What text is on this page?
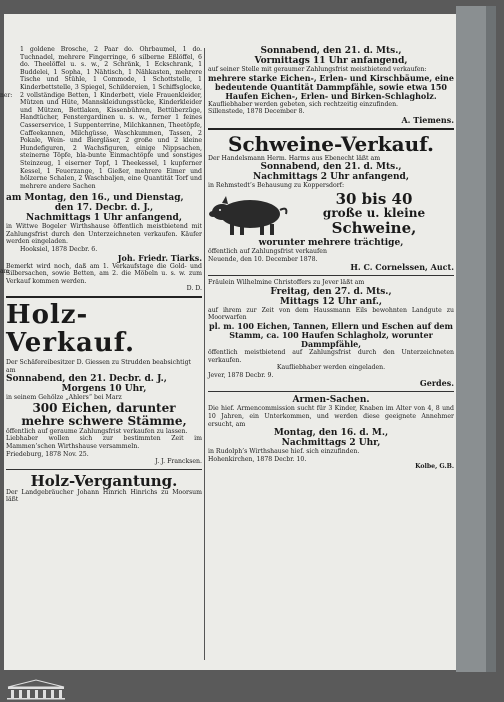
ner:
am

1 goldene Brosche, 2 Paar do. Ohrbaumel, 1 do. Tuchnadel, mehrere Fingerringe, 6 silberne Eßlöffel, 6 do. Theelöffel u. s. w., 2 Schränk, 1 Eckschrank, 1 Buddelei, 1 Sopha, 1 Nähtisch, 1 Nähkasten, mehrere Tische und Stühle, 1 Commode, 1 Schottstelle, 1 Kinderbettstelle, 3 Spiegel, Schildereien, 1 Schiffsglocke, 2 vollständige Betten, 1 Kinderbett, viele Frauenkleider, Mützen und Hüte, Mannskleidungsstücke, Kinderkleider und Mützen, Bettlaken, Kissenbühren, Bettüberzüge, Handtücher, Fenstergardinen u. s. w., ferner 1 feines Casserservice, 1 Suppenterrine, Milchkannen, Theetöpfe, Caffeekannen, Milchgüsse, Waschkummen, Tassen, 2 Pokale, Wein- und Biergläser, 2 große und 2 kleine Hundefiguren, 2 Wachsfiguren, einige Nippsachen, steinerne Töpfe, bla-bunte Einmachtöpfe und sonstiges Steinzeug, 1 eiserner Topf, 1 Theekessel, 1 kupferner Kessel, 1 Feuerzange, 1 Gießer, mehrere Eimer und hölzerne Schalen, 2 Waschbaljen, eine Quantität Torf und mehrere andere Sachen

am Montag, den 16., und Dienstag,

den 17. Decbr. d. J.,

Nachmittags 1 Uhr anfangend,

in Wittwe Bogeler Wirthshause öffentlich meistbietend mit Zahlungsfrist durch den Unterzeichneten verkaufen. Käufer werden eingeladen.

Hooksiel, 1878 Decbr. 6.

Joh. Friedr. Tiarks.

Bemerkt wird noch, daß am 1. Verkaufstage die Gold- und Silbersachen, sowie Betten, am 2. die Möbeln u. s. w. zum Verkauf kommen werden.

D. D.

Holz-Verkauf.

Der Schäfereibesitzer D. Giessen zu Strudden beabsichtigt am

Sonnabend, den 21. Decbr. d. J.,

Morgens 10 Uhr,

in seinem Gehölze „Ahlers“ bei Marz

300 Eichen, darunter

mehre schwere Stämme,

öffentlich auf geraume Zahlungsfrist verkaufen zu lassen.

Liebhaber wollen sich zur bestimmten Zeit im Mammen’schen Wirthshause versammeln.

Friedeburg, 1878 Nov. 25.

J. J. Francksen.

Holz-Vergantung.

Der Landgebräucher Johann Hinrich Hinrichs zu Moorsum läßt

Sonnabend, den 21. d. Mts.,

Vormittags 11 Uhr anfangend,

auf seiner Stelle mit geraumer Zahlungsfrist meistbietend verkaufen:

mehrere starke Eichen-, Erlen- und Kirschbäume, eine bedeutende Quantität Dammpfähle, sowie etwa 150 Haufen Eichen-, Erlen- und Birken-Schlagholz.

Kaufliebhaber werden gebeten, sich rechtzeitig einzufinden.

Sillenstede, 1878 December 8.

A. Tiemens.

Schweine-Verkauf.

Der Handelsmann Herm. Harms aus Ebenecht läßt am

Sonnabend, den 21. d. Mts.,

Nachmittags 2 Uhr anfangend,

in Rehmstedt’s Behausung zu Koppersdorf:

30 bis 40

große u. kleine

Schweine,

worunter mehrere trächtige,

öffentlich auf Zahlungsfrist verkaufen

Neuende, den 10. December 1878.

H. C. Cornelssen, Auct.

Fräulein Wilhelmine Christoffers zu Jever läßt am

Freitag, den 27. d. Mts.,

Mittags 12 Uhr anf.,

auf ihrem zur Zeit von dem Haussmann Eils bewohnten Landgute zu Moorwarfen

pl. m. 100 Eichen, Tannen, Ellern und Eschen auf dem Stamm, ca. 100 Haufen Schlagholz, worunter Dammpfähle,

öffentlich meistbietend auf Zahlungsfrist durch den Unterzeichneten verkaufen.

Kaufliebhaber werden eingeladen.

Jever, 1878 Decbr. 9.

Gerdes.

Armen-Sachen.

Die hief. Armencommission sucht für 3 Kinder, Knaben im Alter von 4, 8 und 10 Jahren, ein Unterkommen, und werden diese geeignete Annehmer ersucht, am

Montag, den 16. d. M.,

Nachmittags 2 Uhr,

in Rudolph’s Wirthshause hief. sich einzufinden.

Hohenkirchen, 1878 Decbr. 10.

Kolbe, G.B.
